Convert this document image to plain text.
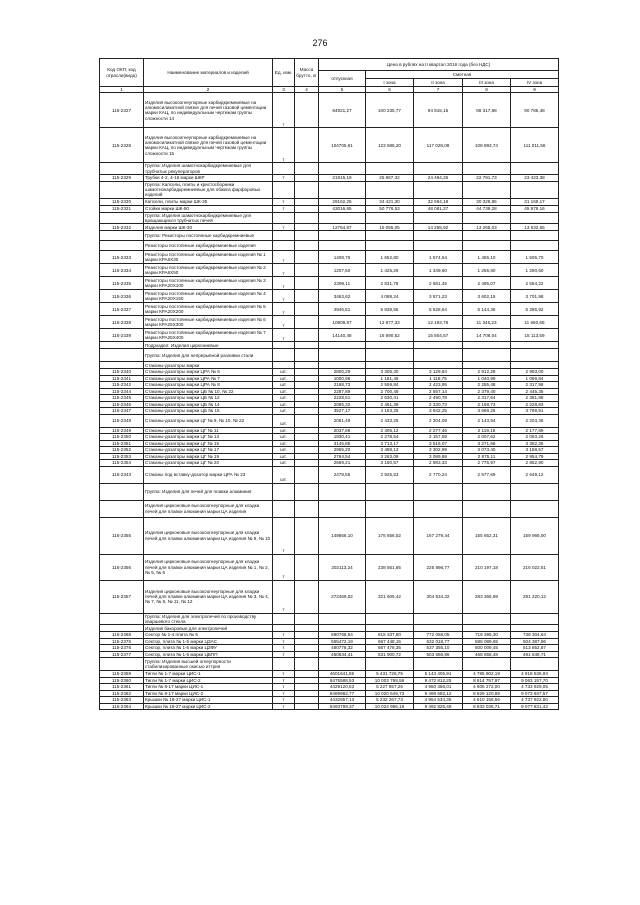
276
Код ОКП, код отрасли(вида)	Наименование материалов и изделий	Ед. изм.	Масса брутто, кг	Цена в рублях на II квартал 2016 года (без НДС)				
				отпускная	Сметная			
					I зона	II зона	III зона	IV зона
1	2	3	4	5	6	7	8	9
115-2327	Изделия высокоогнеупорные карбидкремниевые на алюмосиликатной связке для печей газовой цементации марки КАЦ, по индивидуальным чертежам группы сложности 14	т		84921,27	100 235,77	94 915,16	88 317,88	90 785,48
115-2328	Изделия высокоогнеупорные карбидкремниевые на алюмосиликатной связке для печей газовой цементации марки КАЦ, по индивидуальным чертежам группы сложности 15	т		104705,61	123 588,20	117 028,08	108 893,74	111 011,56
	Группа: Изделия шамотнокарбидкремниевые для трубчатых рекуператоров							
115-2329	Трубки 4-2, 4-18 марки ШКР	т		21915,19	25 867,32	24 494,26	22 791,73	23 423,38
	Группа: Капсели, плиты и кристосборники шамотнокарбидкремниевые для обжига фарфоровых изделий							
115-2330	Капсели, плиты марки ШК-35	т		29162,25	34 421,30	32 594,18	30 328,85	31 169,17
115-2331	Стойки марки ШК-50	т		43016,65	50 776,53	48 081,27	44 739,28	45 979,16
	Группа: Изделия шамотнокарбидкремниевые для вращающихся трубчатых печей							
115-2332	Изделия марки ШК-30	т		12754,87	15 055,05	14 255,92	13 265,03	13 632,65
	Группа: Резисторы постоянные карбидкремниевые							
	Резисторы постоянные карбидкремниевые изделия							
115-2333	Резисторы постоянные карбидкремниевые изделия № 1 марки КРА6Х30	т		1408,75	1 652,80	1 574,54	1 465,10	1 505,70
115-2334	Резисторы постоянные карбидкремниевые изделия № 2 марки КРА6Х50	т		1207,50	1 425,26	1 349,60	1 255,80	1 290,60
115-2335	Резисторы постоянные карбидкремниевые изделия № 3 марки КРА20Х100	т		2399,11	2 831,78	2 681,45	2 495,07	2 564,22
115-2336	Резисторы постоянные карбидкремниевые изделия № 4 марки КРА20Х150	т		3463,62	4 088,24	3 871,23	3 602,15	3 701,98
115-2337	Резисторы постоянные карбидкремниевые изделия № 5 марки КРА20Х200	т		4946,51	5 838,55	5 528,64	5 144,36	5 286,92
115-2338	Резисторы постоянные карбидкремниевые изделия № 6 марки КРА25Х300	т		10909,87	12 877,33	12 193,78	11 346,23	11 660,68
115-2339	Резисторы постоянные карбидкремниевые изделия № 7 марки КРА25Х400	т		14140,48	16 690,52	15 804,57	14 706,04	15 113,59
	Подраздел: Изделия циркониевые							
	Группа: Изделия для непрерывной разливки стали							
	Стаканы-дозаторы марки							
115-2340	Стаканы-дозаторы марки ЦРА № 6	шт.		2800,29	3 305,30	3 129,84	2 912,28	2 993,00
115-2341	Стаканы-дозаторы марки ЦРА № 7	шт.		1000,96	1 181,46	1 118,75	1 040,99	1 069,84
115-2342	Стаканы-дозаторы марки ЦРА № 8	шт.		2168,73	2 559,84	2 423,95	2 255,48	2 317,98
115-2344	Стаканы-дозаторы марки ЦБ № 10, № 22	шт.		2287,89	2 700,49	2 557,14	2 379,40	2 445,35
115-2345	Стаканы-дозаторы марки ЦБ № 12	шт.		2228,51	2 630,41	2 490,78	2 317,64	2 381,88
115-2346	Стаканы-дозаторы марки ЦБ № 14	шт.		2085,32	2 461,39	2 330,73	2 168,73	2 228,83
115-2347	Стаканы-дозаторы марки ЦБ № 15	шт.		3527,17	4 163,25	3 942,25	3 668,25	3 769,91
115-2348	Стаканы-дозаторы марки ЦГ № 9, № 10, № 22	шт.		2061,49	2 433,25	2 304,09	2 143,94	2 203,36
115-2349	Стаканы-дозаторы марки ЦГ № 11	шт.		2037,66	2 405,12	2 277,46	2 119,16	2 177,89
115-2350	Стаканы-дозаторы марки ЦГ № 13	шт.		1930,41	2 278,54	2 157,59	2 007,62	2 063,26
115-2351	Стаканы-дозаторы марки ЦГ № 15	шт.		3145,85	3 713,17	3 516,07	3 271,68	3 362,35
115-2352	Стаканы-дозаторы марки ЦГ № 17	шт.		2955,20	3 488,13	3 302,99	3 073,40	3 158,57
115-2353	Стаканы-дозаторы марки ЦГ № 19	шт.		2764,54	3 263,09	3 089,88	2 875,11	2 954,79
115-2354	Стаканы-дозаторы марки ЦГ № 20	шт.		2669,21	3 150,57	2 983,33	2 775,97	2 852,90
115-2343	Стаканы под вставку-дозатор марки ЦРА № 23	шт.		2478,55	2 925,53	2 770,24	2 577,69	2 649,12
	Группа: Изделия для печей для плавки алюминия							
	Изделия цирконовые высокоогнеупорные для кладки печей для плавки алюминия марки ЦА изделия							
115-2355	Изделия цирконовые высокоогнеупорные для кладки печей для плавки алюминия марки ЦА изделия № 9, № 10	т		149666,10	176 656,52	167 279,44	155 652,31	159 966,00
115-2356	Изделия цирконовые высокоогнеупорные для кладки печей для плавки алюминия марки ЦА изделия № 1, № 2, № 5, № 6	т		202113,24	238 561,85	225 898,77	210 197,18	216 022,51
115-2357	Изделия цирконовые высокоогнеупорные для кладки печей для плавки алюминия марки ЦА изделия № 3, № 4, № 7, № 8, № 11, № 12	т		272469,02	321 605,42	304 534,32	283 366,99	291 220,12
	Группа: Изделия для электропечей по производству хваршевого стекла							
	Изделия бакоровые для электропечей							
115-2368	Сектор № 1-4 плита № 5	т		690768,54	815 337,80	772 058,05	718 395,30	738 304,64
115-2375	Сектор, плита № 1-5 марки ЦЗАС	т		565472,19	667 448,15	632 018,77	588 089,65	604 387,96
115-2376	Сектор, плита № 1-5 марки ЦЗФУ	т		480778,32	567 478,35	537 355,10	500 009,45	513 852,87
115-2377	Сектор, плита № 1-5 марки ЦБПП	т		450634,41	531 900,72	503 666,86	468 658,48	481 648,71
	Группа: Изделия высшей огнеупорности стабилизированные окисью иттрия							
115-2359	Тигли № 1-7 марки ЦИС-1	т		4601641,86	5 431 726,75	5 143 405,91	4 785 902,19	4 918 536,93
115-2360	Тигли № 1-7 марки ЦИС-2	т		8475588,53	10 003 768,56	9 472 812,25	8 814 757,97	9 063 157,70
115-2361	Тигли № 8-17 марки ЦИС-1	т		4429120,53	5 227 857,26	4 950 356,01	4 606 272,00	4 733 929,05
115-2362	Тигли № 8-17 марки ЦИС-2	т		8489982,77	10 020 549,73	9 488 692,12	8 829 120,89	9 073 937,57
115-2363	Крышки № 18-27 марки ЦИС-1	т		4432657,13	5 232 267,73	4 954 534,35	4 610 158,56	4 737 922,80
115-2364	Крышки № 18-27 марки ЦИС-2	т		8493789,37	10 024 986,18	9 492 826,48	8 833 036,71	9 077 831,42
